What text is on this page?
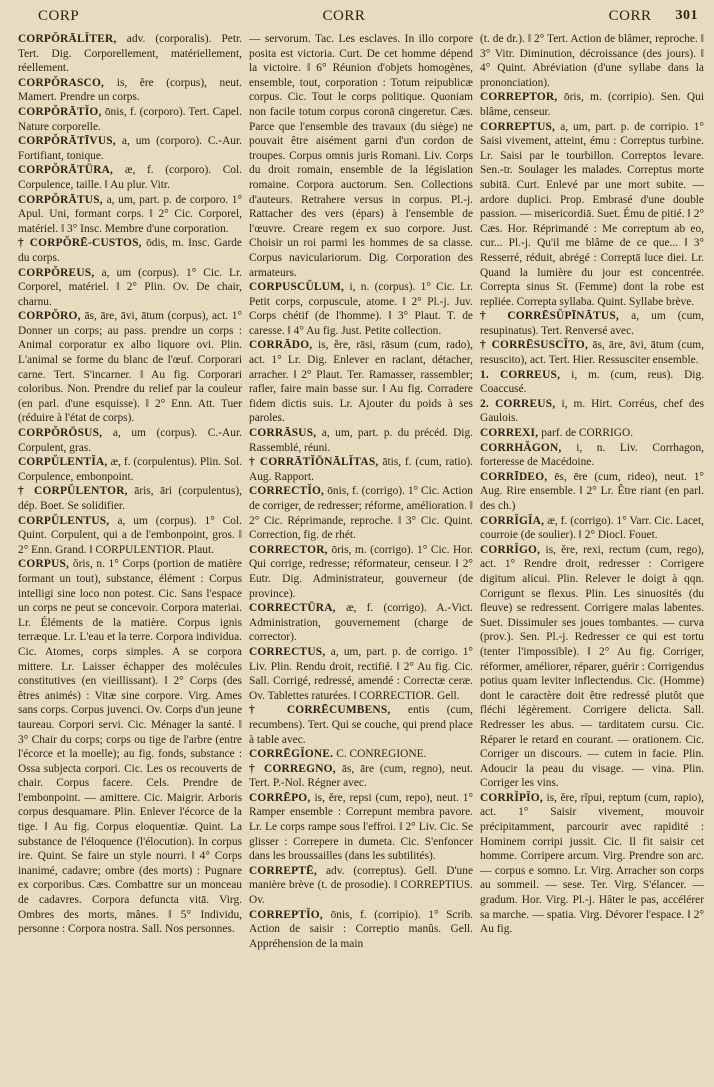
CORP	CORR	CORR 301

CORPŎRĀLĬTER, adv. (corporalis). Petr. Tert. Dig. Corporellement, matériellement, réellement.

CORPŎRASCO, is, ĕre (corpus), neut. Mamert. Prendre un corps.

CORPŎRĀTĬO, ōnis, f. (corporo). Tert. Capel. Nature corporelle.

CORPŎRĀTĪVUS, a, um (corporo). C.-Aur. Fortifiant, tonique.

CORPŎRĀTŪRA, æ, f. (corporo). Col. Corpulence, taille. ‖ Au plur. Vitr.

CORPŎRĀTUS, a, um, part. p. de corporo. 1° Apul. Uni, formant corps. ‖ 2° Cic. Corporel, matériel. ‖ 3° Insc. Membre d'une corporation.

† CORPŎRĒ-CUSTOS, ōdis, m. Insc. Garde du corps.

CORPŎREUS, a, um (corpus). 1° Cic. Lr. Corporel, matériel. ‖ 2° Plin. Ov. De chair, charnu.

CORPŎRO, ās, āre, āvi, ātum (corpus), act. 1° Donner un corps; au pass. prendre un corps : Animal corporatur ex albo liquore ovi. Plin. L'animal se forme du blanc de l'œuf. Corporari carne. Tert. S'incarner. ‖ Au fig. Corporari coloribus. Non. Prendre du relief par la couleur (en parl. d'une esquisse). ‖ 2° Enn. Att. Tuer (réduire à l'état de corps).

CORPŎRŌSUS, a, um (corpus). C.-Aur. Corpulent, gras.

CORPŬLENTĬA, æ, f. (corpulentus). Plin. Sol. Corpulence, embonpoint.

† CORPŬLENTOR, āris, āri (corpulentus), dép. Boet. Se solidifier.

CORPŬLENTUS, a, um (corpus). 1° Col. Quint. Corpulent, qui a de l'embonpoint, gros. ‖ 2° Enn. Grand. ‖ CORPULENTIOR. Plaut.

CORPUS, ŏris, n. 1° Corps (portion de matière formant un tout), substance, élément : Corpus intelligi sine loco non potest. Cic. Sans l'espace un corps ne peut se concevoir. Corpora materiai. Lr. Éléments de la matière. Corpus ignis terræque. Lr. L'eau et la terre. Corpora individua. Cic. Atomes, corps simples. A se corpora mittere. Lr. Laisser échapper des molécules constitutives (en vieillissant). ‖ 2° Corps (des êtres animés) : Vitæ sine corpore. Virg. Ames sans corps. Corpus juvenci. Ov. Corps d'un jeune taureau. Corpori servi. Cic. Ménager la santé. ‖ 3° Chair du corps; corps ou tige de l'arbre (entre l'écorce et la moelle); au fig. fonds, substance : Ossa subjecta corpori. Cic. Les os recouverts de chair. Corpus facere. Cels. Prendre de l'embonpoint. — amittere. Cic. Maigrir. Arboris corpus desquamare. Plin. Enlever l'écorce de la tige. ‖ Au fig. Corpus eloquentiæ. Quint. La substance de l'éloquence (l'élocution). In corpus ire. Quint. Se faire un style nourri. ‖ 4° Corps inanimé, cadavre; ombre (des morts) : Pugnare ex corporibus. Cæs. Combattre sur un monceau de cadavres. Corpora defuncta vitā. Virg. Ombres des morts, mânes. ‖ 5° Individu, personne : Corpora nostra. Sall. Nos personnes.

— servorum. Tac. Les esclaves. In illo corpore posita est victoria. Curt. De cet homme dépend la victoire. ‖ 6° Réunion d'objets homogènes, ensemble, tout, corporation : Totum reipublicæ corpus. Cic. Tout le corps politique. Quoniam non facile totum corpus coronā cingeretur. Cæs. Parce que l'ensemble des travaux (du siège) ne pouvait être aisément garni d'un cordon de troupes. Corpus omnis juris Romani. Liv. Corps du droit romain, ensemble de la législation romaine. Corpora auctorum. Sen. Collections d'auteurs. Retrahere versus in corpus. Pl.-j. Rattacher des vers (épars) à l'ensemble de l'œuvre. Creare regem ex suo corpore. Just. Choisir un roi parmi les hommes de sa classe. Corpus naviculariorum. Dig. Corporation des armateurs.

CORPUSCŬLUM, i, n. (corpus). 1° Cic. Lr. Petit corps, corpuscule, atome. ‖ 2° Pl.-j. Juv. Corps chétif (de l'homme). ‖ 3° Plaut. T. de caresse. ‖ 4° Au fig. Just. Petite collection.

CORRĀDO, is, ĕre, rāsi, rāsum (cum, rado), act. 1° Lr. Dig. Enlever en raclant, détacher, arracher. ‖ 2° Plaut. Ter. Ramasser, rassembler; rafler, faire main basse sur. ‖ Au fig. Corradere fidem dictis suis. Lr. Ajouter du poids à ses paroles.

CORRĀSUS, a, um, part. p. du précéd. Dig. Rassemblé, réuni.

† CORRĀTĬŌNĀLĬTAS, ātis, f. (cum, ratio). Aug. Rapport.

CORRECTĬO, ōnis, f. (corrigo). 1° Cic. Action de corriger, de redresser; réforme, amélioration. ‖ 2° Cic. Réprimande, reproche. ‖ 3° Cic. Quint. Correction, fig. de rhét.

CORRECTOR, ōris, m. (corrigo). 1° Cic. Hor. Qui corrige, redresse; réformateur, censeur. ‖ 2° Eutr. Dig. Administrateur, gouverneur (de province).

CORRECTŪRA, æ, f. (corrigo). A.-Vict. Administration, gouvernement (charge de corrector).

CORRECTUS, a, um, part. p. de corrigo. 1° Liv. Plin. Rendu droit, rectifié. ‖ 2° Au fig. Cic. Sall. Corrigé, redressé, amendé : Correctæ ceræ. Ov. Tablettes raturées. ‖ CORRECTIOR. Gell.

† CORRĒCUMBENS, entis (cum, recumbens). Tert. Qui se couche, qui prend place à table avec.

CORRĒGĬONE. C. CONREGIONE.

† CORREGNO, ās, āre (cum, regno), neut. Tert. P.-Nol. Régner avec.

CORRĒPO, is, ĕre, repsi (cum, repo), neut. 1° Ramper ensemble : Correpunt membra pavore. Lr. Le corps rampe sous l'effroi. ‖ 2° Liv. Cic. Se glisser : Correpere in dumeta. Cic. S'enfoncer dans les broussailles (dans les subtilités).

CORREPTĒ, adv. (correptus). Gell. D'une manière brève (t. de prosodie). ‖ CORREPTIUS. Ov.

CORREPTĬO, ōnis, f. (corripio). 1° Scrib. Action de saisir : Correptio manûs. Gell. Appréhension de la main

(t. de dr.). ‖ 2° Tert. Action de blâmer, reproche. ‖ 3° Vitr. Diminution, décroissance (des jours). ‖ 4° Quint. Abréviation (d'une syllabe dans la prononciation).

CORREPTOR, ōris, m. (corripio). Sen. Qui blâme, censeur.

CORREPTUS, a, um, part. p. de corripio. 1° Saisi vivement, atteint, ému : Correptus turbine. Lr. Saisi par le tourbillon. Correptos levare. Sen.-tr. Soulager les malades. Correptus morte subitā. Curt. Enlevé par une mort subite. — ardore duplici. Prop. Embrasé d'une double passion. — misericordiā. Suet. Ému de pitié. ‖ 2° Cæs. Hor. Réprimandé : Me correptum ab eo, cur... Pl.-j. Qu'il me blâme de ce que... ‖ 3° Resserré, réduit, abrégé : Correptā luce diei. Lr. Quand la lumière du jour est concentrée. Correpta sinus St. (Femme) dont la robe est repliée. Correpta syllaba. Quint. Syllabe brève.

† CORRĒSŬPĪNĀTUS, a, um (cum, resupinatus). Tert. Renversé avec.

† CORRĒSUSCĬTO, ās, āre, āvi, ātum (cum, resuscito), act. Tert. Hier. Ressusciter ensemble.

1. CORREUS, i, m. (cum, reus). Dig. Coaccusé.

2. CORREUS, i, m. Hirt. Corréus, chef des Gaulois.

CORREXI, parf. de CORRIGO.

CORRHĂGON, i, n. Liv. Corrhagon, forteresse de Macédoine.

CORRĪDEO, ēs, ēre (cum, rideo), neut. 1° Aug. Rire ensemble. ‖ 2° Lr. Être riant (en parl. des ch.)

CORRĬGĬA, æ, f. (corrigo). 1° Varr. Cic. Lacet, courroie (de soulier). ‖ 2° Diocl. Fouet.

CORRĬGO, is, ĕre, rexi, rectum (cum, rego), act. 1° Rendre droit, redresser : Corrigere digitum alicui. Plin. Relever le doigt à qqn. Corrigunt se flexus. Plin. Les sinuosités (du fleuve) se redressent. Corrigere malas labentes. Suet. Dissimuler ses joues tombantes. — curva (prov.). Sen. Pl.-j. Redresser ce qui est tortu (tenter l'impossible). ‖ 2° Au fig. Corriger, réformer, améliorer, réparer, guérir : Corrigendus potius quam leviter inflectendus. Cic. (Homme) dont le caractère doit être redressé plutôt que fléchi légèrement. Corrigere delicta. Sall. Redresser les abus. — tarditatem cursu. Cic. Réparer le retard en courant. — orationem. Cic. Corriger un discours. — cutem in facie. Plin. Adoucir la peau du visage. — vina. Plin. Corriger les vins.

CORRĬPĬO, is, ĕre, rĭpui, reptum (cum, rapio), act. 1° Saisir vivement, mouvoir précipitamment, parcourir avec rapidité : Hominem corripi jussit. Cic. Il fit saisir cet homme. Corripere arcum. Virg. Prendre son arc. — corpus e somno. Lr. Virg. Arracher son corps au sommeil. — sese. Ter. Virg. S'élancer. — gradum. Hor. Virg. Pl.-j. Hâter le pas, accélérer sa marche. — spatia. Virg. Dévorer l'espace. ‖ 2° Au fig.
